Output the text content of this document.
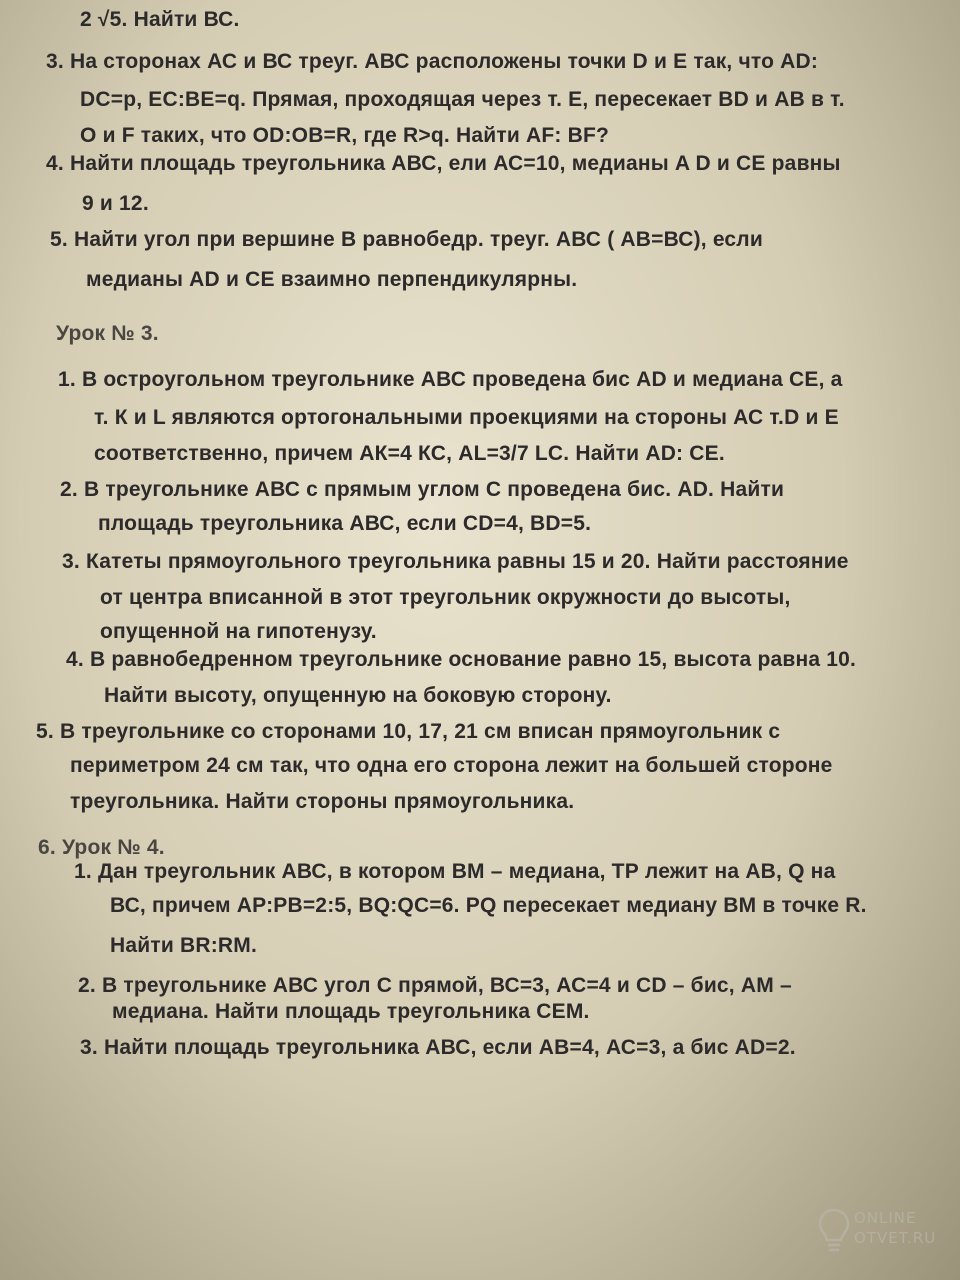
ONLINE
OTVET.RU
2 √5. Найти ВС.
3. На сторонах АС и ВС треуг. АВС расположены точки D и Е так, что AD:
DC=p, EC:BE=q. Прямая, проходящая через т. Е, пересекает BD и АВ в т.
O и F таких, что OD:OB=R, где R>q. Найти AF: BF?
4. Найти площадь треугольника АВС, ели АС=10, медианы A D и CE равны
9 и 12.
5. Найти угол при вершине В равнобедр. треуг. АВС ( АВ=ВС), если
медианы AD и СЕ взаимно перпендикулярны.
Урок № 3.
1. В остроугольном треугольнике АВС проведена бис AD и медиана СЕ, а
т. К и L являются ортогональными проекциями на стороны АС т.D и Е
соответственно, причем АК=4 КС, AL=3/7 LC. Найти AD: CE.
2. В треугольнике АВС с прямым углом С проведена бис. AD. Найти
площадь треугольника АВС, если CD=4, BD=5.
3. Катеты прямоугольного треугольника равны 15 и 20. Найти расстояние
от центра вписанной в этот треугольник окружности до высоты,
опущенной на гипотенузу.
4. В равнобедренном треугольнике основание равно 15, высота равна 10.
Найти высоту, опущенную на боковую сторону.
5. В треугольнике со сторонами 10, 17, 21 см вписан прямоугольник с
периметром 24 см так, что одна его сторона лежит на большей стороне
треугольника. Найти стороны прямоугольника.
6. Урок № 4.
1. Дан треугольник АВС, в котором ВМ – медиана, ТР лежит на АВ, Q на
ВС, причем АР:РВ=2:5, BQ:QC=6. PQ пересекает медиану ВМ в точке R.
Найти BR:RM.
2. В треугольнике АВС угол С прямой, ВС=3, АС=4 и CD – бис, АМ –
медиана. Найти площадь треугольника СЕМ.
3. Найти площадь треугольника АВС, если АВ=4, АС=3, а бис AD=2.
